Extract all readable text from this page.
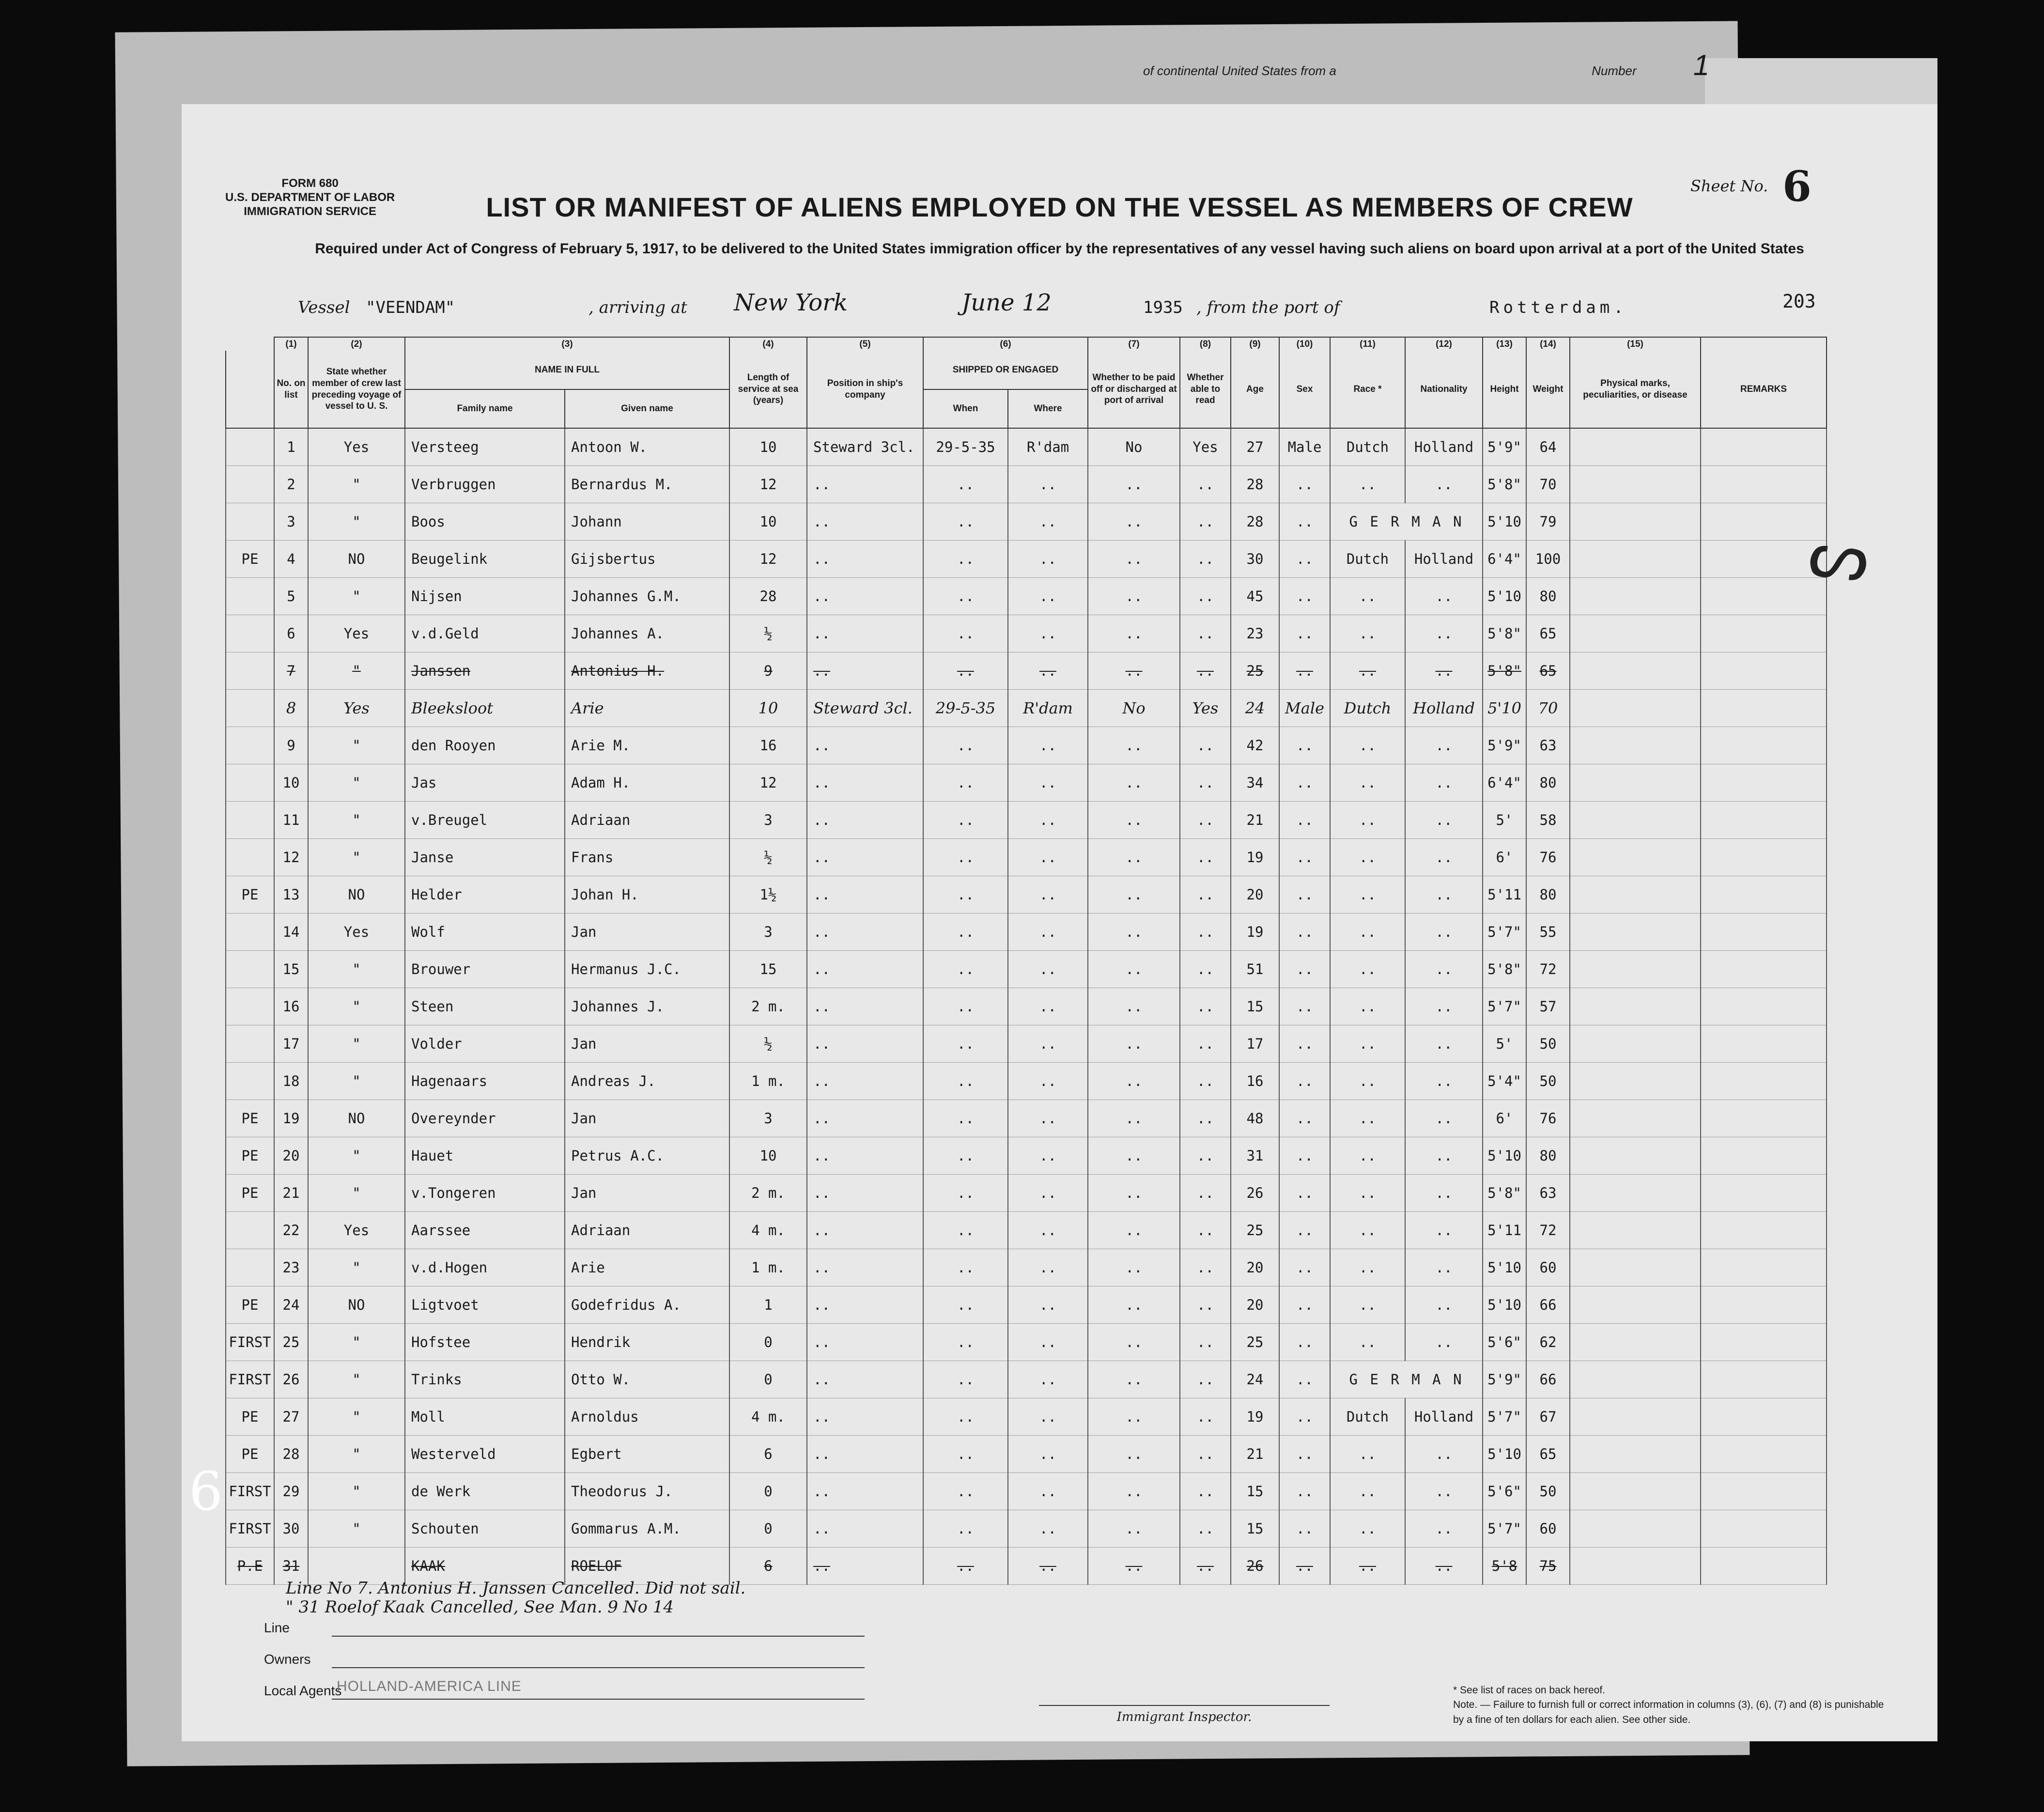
of continental United States from a	Number 1
FORM 680
U.S. DEPARTMENT OF LABOR
IMMIGRATION SERVICE	LIST OR MANIFEST OF ALIENS EMPLOYED ON THE VESSEL AS MEMBERS OF CREW
Required under Act of Congress of February 5, 1917, to be delivered to the United States immigration officer by the representatives of any vessel having such aliens on board upon arrival at a port of the United States
Sheet No. 6
203
Vessel "VEENDAM"	, arriving at New York	June 12	1935 , from the port of	Rotterdam.
	(1)	(2)	(3)		(4)	(5)	(6)		(7)	(8)	(9)	(10)	(11)	(12)	(13)	(14)	(15)	
	No. on list	State whether member of crew last preceding voyage of vessel to U. S.	NAME IN FULL		Length of service at sea (years)	Position in ship's company	SHIPPED OR ENGAGED		Whether to be paid off or discharged at port of arrival	Whether able to read	Age	Sex	Race *	Nationality	Height	Weight	Physical marks, peculiarities, or disease	REMARKS
			Family name	Given name			When	Where										
	1	Yes	Versteeg	Antoon W.	10	Steward 3cl.	29-5-35	R'dam	No	Yes	27	Male	Dutch	Holland	5'9"	64		
	2	"	Verbruggen	Bernardus M.	12	..	..	..	..	..	28	..	..	..	5'8"	70		
	3	"	Boos	Johann	10	..	..	..	..	..	28	..	G E R M A N		5'10	79		
PE	4	NO	Beugelink	Gijsbertus	12	..	..	..	..	..	30	..	Dutch	Holland	6'4"	100		
	5	"	Nijsen	Johannes G.M.	28	..	..	..	..	..	45	..	..	..	5'10	80		
	6	Yes	v.d.Geld	Johannes A.	½	..	..	..	..	..	23	..	..	..	5'8"	65		
	7	"	Janssen	Antonius H.	9	..	..	..	..	..	25	..	..	..	5'8"	65		
	8	Yes	Bleeksloot	Arie	10	Steward 3cl.	29-5-35	R'dam	No	Yes	24	Male	Dutch	Holland	5'10	70		
	9	"	den Rooyen	Arie M.	16	..	..	..	..	..	42	..	..	..	5'9"	63		
	10	"	Jas	Adam H.	12	..	..	..	..	..	34	..	..	..	6'4"	80		
	11	"	v.Breugel	Adriaan	3	..	..	..	..	..	21	..	..	..	5'	58		
	12	"	Janse	Frans	½	..	..	..	..	..	19	..	..	..	6'	76		
PE	13	NO	Helder	Johan H.	1½	..	..	..	..	..	20	..	..	..	5'11	80		
	14	Yes	Wolf	Jan	3	..	..	..	..	..	19	..	..	..	5'7"	55		
	15	"	Brouwer	Hermanus J.C.	15	..	..	..	..	..	51	..	..	..	5'8"	72		
	16	"	Steen	Johannes J.	2 m.	..	..	..	..	..	15	..	..	..	5'7"	57		
	17	"	Volder	Jan	½	..	..	..	..	..	17	..	..	..	5'	50		
	18	"	Hagenaars	Andreas J.	1 m.	..	..	..	..	..	16	..	..	..	5'4"	50		
PE	19	NO	Overeynder	Jan	3	..	..	..	..	..	48	..	..	..	6'	76		
PE	20	"	Hauet	Petrus A.C.	10	..	..	..	..	..	31	..	..	..	5'10	80		
PE	21	"	v.Tongeren	Jan	2 m.	..	..	..	..	..	26	..	..	..	5'8"	63		
	22	Yes	Aarssee	Adriaan	4 m.	..	..	..	..	..	25	..	..	..	5'11	72		
	23	"	v.d.Hogen	Arie	1 m.	..	..	..	..	..	20	..	..	..	5'10	60		
PE	24	NO	Ligtvoet	Godefridus A.	1	..	..	..	..	..	20	..	..	..	5'10	66		
FIRST	25	"	Hofstee	Hendrik	0	..	..	..	..	..	25	..	..	..	5'6"	62		
FIRST	26	"	Trinks	Otto W.	0	..	..	..	..	..	24	..	G E R M A N		5'9"	66		
PE	27	"	Moll	Arnoldus	4 m.	..	..	..	..	..	19	..	Dutch	Holland	5'7"	67		
PE	28	"	Westerveld	Egbert	6	..	..	..	..	..	21	..	..	..	5'10	65		
FIRST	29	"	de Werk	Theodorus J.	0	..	..	..	..	..	15	..	..	..	5'6"	50		
FIRST	30	"	Schouten	Gommarus A.M.	0	..	..	..	..	..	15	..	..	..	5'7"	60		
P.E	31		KAAK	ROELOF	6	..	..	..	..	..	26	..	..	..	5'8	75		
Line No 7. Antonius H. Janssen Cancelled. Did not sail.
" 31 Roelof Kaak Cancelled, See Man. 9 No 14
Line
Owners
Local Agents
HOLLAND-AMERICA LINE
Immigrant Inspector.
* See list of races on back hereof.
Note. — Failure to furnish full or correct information in columns (3), (6), (7) and (8) is punishable by a fine of ten dollars for each alien. See other side.
ᔕ
6
